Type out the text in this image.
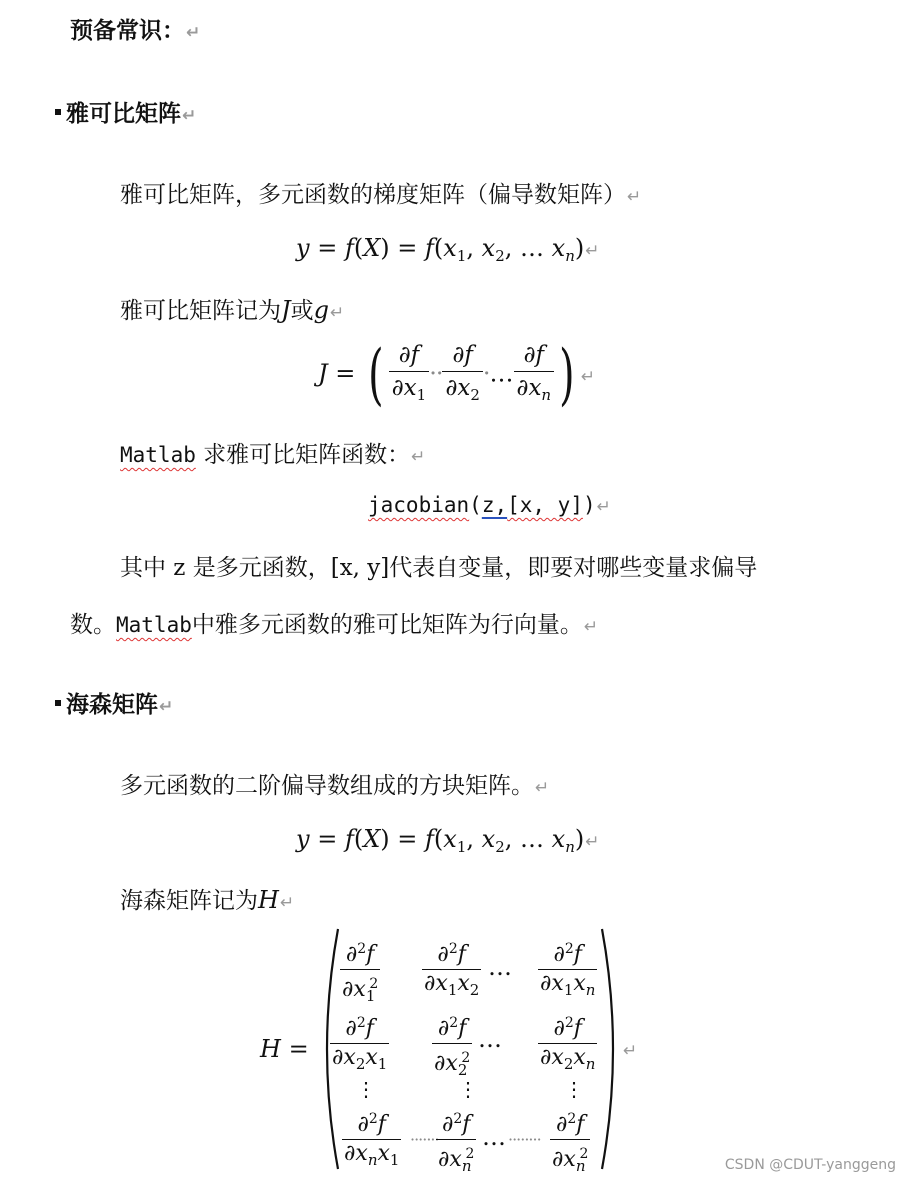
预备常识：↵
雅可比矩阵↵
雅可比矩阵，多元函数的梯度矩阵（偏导数矩阵）↵
$y = f(X) = f(x_1$, $x_2$, … $x_n)↵$
雅可比矩阵记为J或g↵
J = ( $\frac{\partial f}{\partial x_1} \cdot\cdot \frac{\partial f}{\partial x_2}$ ·… $\frac{\partial f}{\partial x_n}$ ) ↵
Matlab 求雅可比矩阵函数：↵
jacobian(z,[x, y])↵
其中 z 是多元函数，[x, y]代表自变量，即要对哪些变量求偏导
数。Matlab中雅多元函数的雅可比矩阵为行向量。↵
海森矩阵↵
多元函数的二阶偏导数组成的方块矩阵。↵
$y = f(X) = f(x_1$, $x_2$, … $x_n)↵$
海森矩阵记为H↵
H =
$\frac{\partial^2f}{\partial x_1^2} \frac{\partial^2f}{\partial x_1x_2}$ … $\frac{\partial^2f}{\partial x_1x_n}$
$\frac{\partial^2f}{\partial x_2x_1} \frac{\partial^2f}{\partial x_2^2}$ … $\frac{\partial^2f}{\partial x_2x_n}$
⋮	⋮	⋮
∂$^2$f
$\partial x_nx_1$
·······
$\frac{\partial^2f}{\partial x_n^2}$ … ········ $\frac{\partial^2f}{\partial x_n^2}$
↵
CSDN @CDUT-yanggeng
